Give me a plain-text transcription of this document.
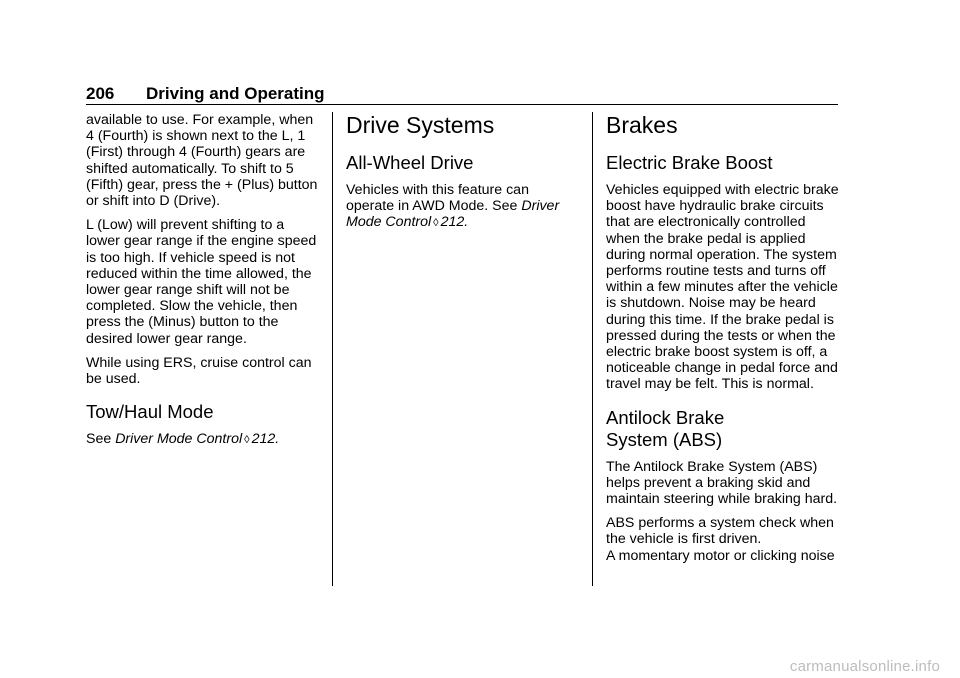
206 Driving and Operating

available to use. For example, when 4 (Fourth) is shown next to the L, 1 (First) through 4 (Fourth) gears are shifted automatically. To shift to 5 (Fifth) gear, press the + (Plus) button or shift into D (Drive).

L (Low) will prevent shifting to a lower gear range if the engine speed is too high. If vehicle speed is not reduced within the time allowed, the lower gear range shift will not be completed. Slow the vehicle, then press the (Minus) button to the desired lower gear range.

While using ERS, cruise control can be used.

Tow/Haul Mode

See Driver Mode Control ◊ 212.

Drive Systems
All-Wheel Drive

Vehicles with this feature can operate in AWD Mode. See Driver Mode Control ◊ 212.

Brakes
Electric Brake Boost

Vehicles equipped with electric brake boost have hydraulic brake circuits that are electronically controlled when the brake pedal is applied during normal operation. The system performs routine tests and turns off within a few minutes after the vehicle is shutdown. Noise may be heard during this time. If the brake pedal is pressed during the tests or when the electric brake boost system is off, a noticeable change in pedal force and travel may be felt. This is normal.

Antilock Brake
System (ABS)

The Antilock Brake System (ABS) helps prevent a braking skid and maintain steering while braking hard.

ABS performs a system check when the vehicle is first driven.
A momentary motor or clicking noise

carmanualsonline.info
